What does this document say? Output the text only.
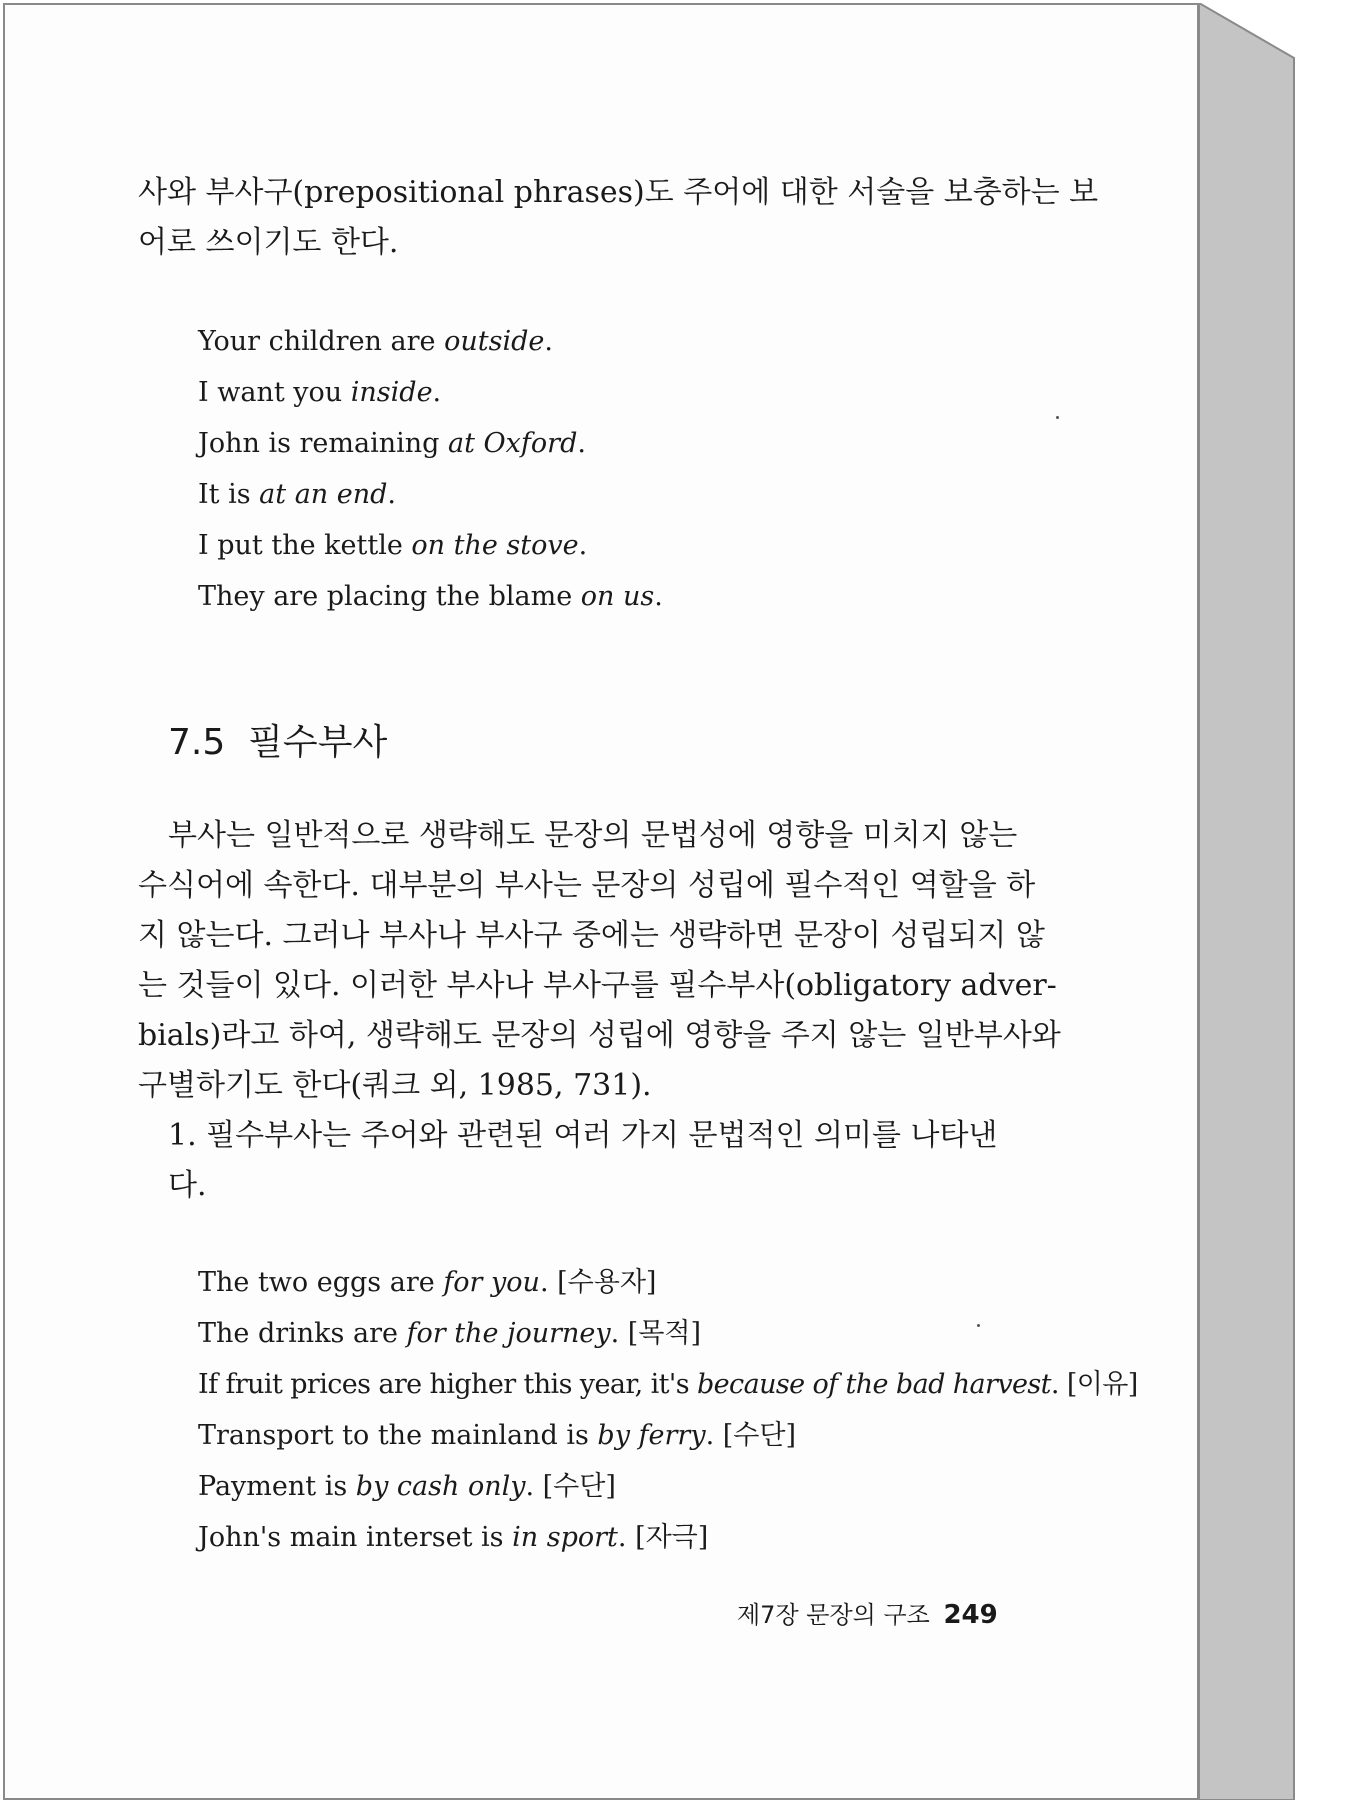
사와 부사구(prepositional phrases)도 주어에 대한 서술을 보충하는 보
어로 쓰이기도 한다.

Your children are outside.
I want you inside.
John is remaining at Oxford.
It is at an end.
I put the kettle on the stove.
They are placing the blame on us.
7.5 필수부사

부사는 일반적으로 생략해도 문장의 문법성에 영향을 미치지 않는
수식어에 속한다. 대부분의 부사는 문장의 성립에 필수적인 역할을 하
지 않는다. 그러나 부사나 부사구 중에는 생략하면 문장이 성립되지 않
는 것들이 있다. 이러한 부사나 부사구를 필수부사(obligatory adver-
bials)라고 하여, 생략해도 문장의 성립에 영향을 주지 않는 일반부사와
구별하기도 한다(쿼크 외, 1985, 731).

1. 필수부사는 주어와 관련된 여러 가지 문법적인 의미를 나타낸다.

The two eggs are for you. [수용자]
The drinks are for the journey. [목적]
If fruit prices are higher this year, it's because of the bad harvest. [이유]
Transport to the mainland is by ferry. [수단]
Payment is by cash only. [수단]
John's main interset is in sport. [자극]
제7장 문장의 구조 249
